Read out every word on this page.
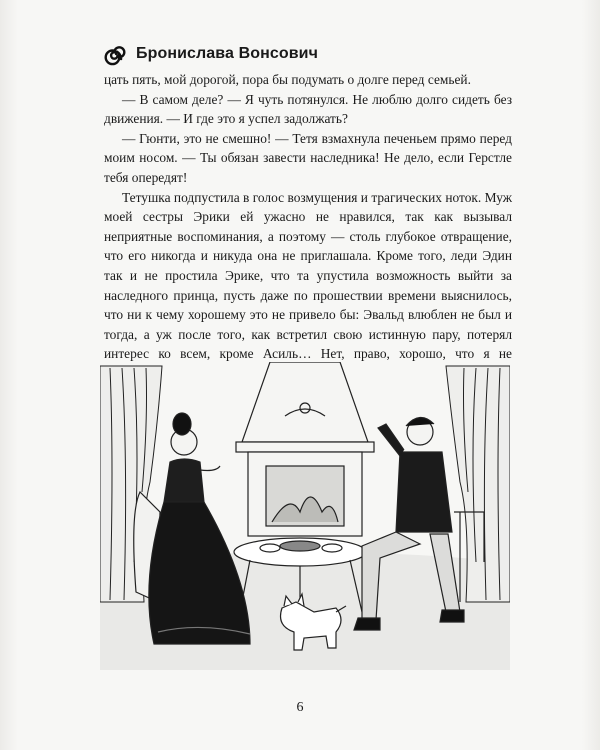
Бронислава Вонсович

цать пять, мой дорогой, пора бы подумать о долге перед семьей.

— В самом деле? — Я чуть потянулся. Не люблю долго сидеть без движения. — И где это я успел задолжать?

— Гюнти, это не смешно! — Тетя взмахнула печеньем прямо перед моим носом. — Ты обязан завести наследника! Не дело, если Герстле тебя опередят!

Тетушка подпустила в голос возмущения и трагических ноток. Муж моей сестры Эрики ей ужасно не нравился, так как вызывал неприятные воспоминания, а поэтому — столь глубокое отвращение, что его никогда и никуда она не приглашала. Кроме того, леди Эдин так и не простила Эрике, что та упустила возможность выйти за наследного принца, пусть даже по прошествии времени выяснилось, что ни к чему хорошему это не привело бы: Эвальд влюблен не был и тогда, а уж после того, как встретил свою истинную пару, потерял интерес ко всем, кроме Асиль… Нет, право, хорошо, что я не

6
